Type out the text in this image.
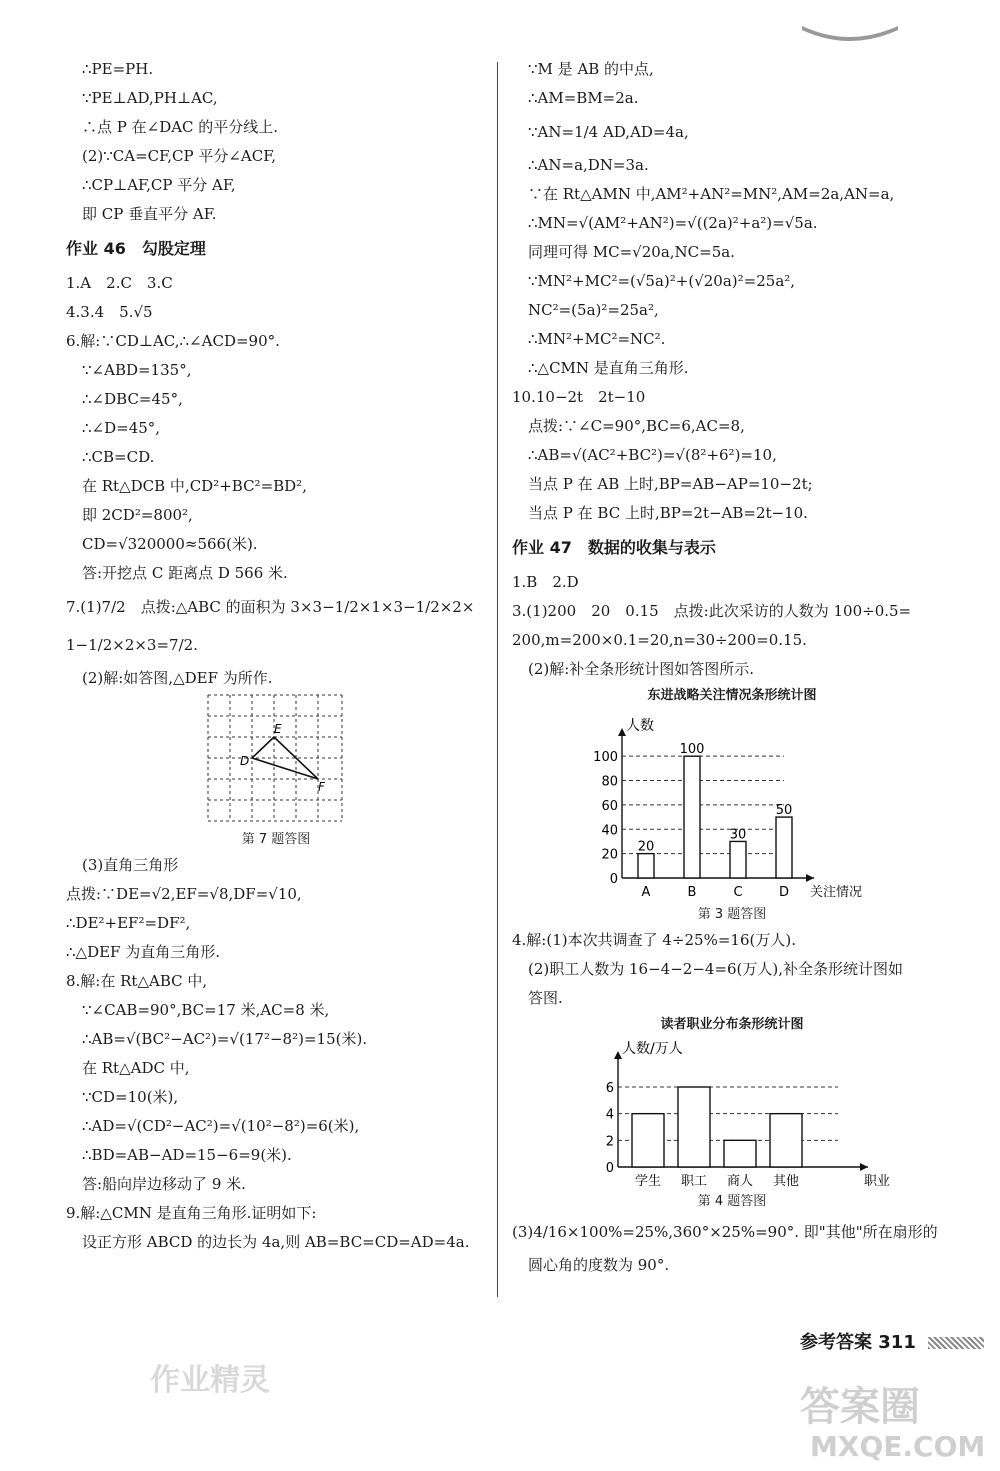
∴PE=PH.
∵PE⊥AD,PH⊥AC,
∴点 P 在∠DAC 的平分线上.
(2)∵CA=CF,CP 平分∠ACF,
∴CP⊥AF,CP 平分 AF,
即 CP 垂直平分 AF.
作业 46　勾股定理
1.A　2.C　3.C
4.3.4　5.√5
6.解:∵CD⊥AC,∴∠ACD=90°.
∵∠ABD=135°,
∴∠DBC=45°,
∴∠D=45°,
∴CB=CD.
在 Rt△DCB 中,CD²+BC²=BD²,
即 2CD²=800²,
CD=√320000≈566(米).
答:开挖点 C 距离点 D 566 米.
7.(1)7/2　点拨:△ABC 的面积为 3×3−1/2×1×3−1/2×2×
1−1/2×2×3=7/2.
(2)解:如答图,△DEF 为所作.
E
D
F
第 7 题答图
(3)直角三角形
点拨:∵DE=√2,EF=√8,DF=√10,
∴DE²+EF²=DF²,
∴△DEF 为直角三角形.
8.解:在 Rt△ABC 中,
∵∠CAB=90°,BC=17 米,AC=8 米,
∴AB=√(BC²−AC²)=√(17²−8²)=15(米).
在 Rt△ADC 中,
∵CD=10(米),
∴AD=√(CD²−AC²)=√(10²−8²)=6(米),
∴BD=AB−AD=15−6=9(米).
答:船向岸边移动了 9 米.
9.解:△CMN 是直角三角形.证明如下:
设正方形 ABCD 的边长为 4a,则 AB=BC=CD=AD=4a.
∵M 是 AB 的中点,
∴AM=BM=2a.
∵AN=1/4 AD,AD=4a,
∴AN=a,DN=3a.
∵在 Rt△AMN 中,AM²+AN²=MN²,AM=2a,AN=a,
∴MN=√(AM²+AN²)=√((2a)²+a²)=√5a.
同理可得 MC=√20a,NC=5a.
∵MN²+MC²=(√5a)²+(√20a)²=25a²,
NC²=(5a)²=25a²,
∴MN²+MC²=NC².
∴△CMN 是直角三角形.
10.10−2t　2t−10
点拨:∵∠C=90°,BC=6,AC=8,
∴AB=√(AC²+BC²)=√(8²+6²)=10,
当点 P 在 AB 上时,BP=AB−AP=10−2t;
当点 P 在 BC 上时,BP=2t−AB=2t−10.
作业 47　数据的收集与表示
1.B　2.D
3.(1)200　20　0.15　点拨:此次采访的人数为 100÷0.5=
200,m=200×0.1=20,n=30÷200=0.15.
(2)解:补全条形统计图如答图所示.
东进战略关注情况条形统计图
人数
关注情况
0
20
40
60
80
100
A
20
B
100
C
30
D
50
第 3 题答图
4.解:(1)本次共调查了 4÷25%=16(万人).
(2)职工人数为 16−4−2−4=6(万人),补全条形统计图如
答图.
读者职业分布条形统计图
人数/万人
职业
0
2
4
6
学生 职工 商人 其他
第 4 题答图
(3)4/16×100%=25%,360°×25%=90°. 即"其他"所在扇形的
圆心角的度数为 90°.
参考答案 311
作业精灵
答案圈
MXQE.COM
